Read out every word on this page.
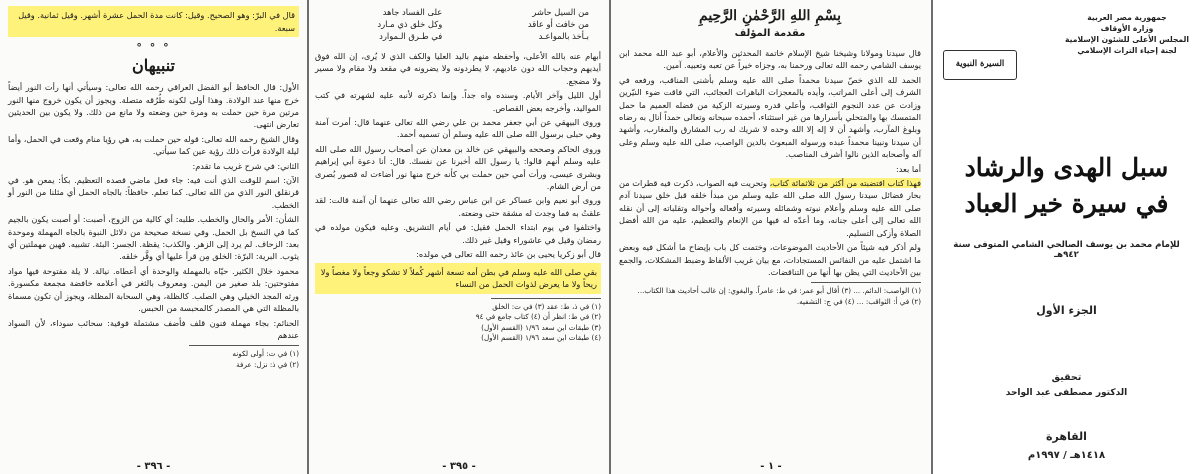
قال في البرّ: وهو الصحيح. وقيل: كانت مدة الحمل عشرة أشهر. وقيل ثمانية. وقيل سبعة.
° ° °
تنبيهان

الأول: قال الحافظ أبو الفضل العراقي رحمه الله تعالى: وسيأتي أنها رأت النور أيضاً خرج منها عند الولادة. وهذا أولى لكونه طُرُقه متصلة. ويجوز أن يكون خروج منها النور مرتين مرة حين حملت به ومرة حين وضعته ولا مانع من ذلك. ولا يكون بين الحديثين تعارض انتهى.

وقال الشيخ رحمه الله تعالى: قوله حين حملت به، هي رؤيا منام وقعت في الحمل، وأما ليلة الولادة فرأت ذلك رؤية عين كما سيأتي.

الثاني: في شرح غريب ما تقدم:

الآن: اسم للوقت الذي أنت فيه: جاء فعل ماضي قصده التعظيم. بكأ: يمعن هو. في قرنقلق النور الذي من الله تعالى. كما تعلم. حافظاً: بالجاه الحمل أي مثلنا من النور أو الخطب.

الشأن: الأمر والحال والخطب. طلبه: أي كالية من الزوج، أصبت: أو أصبت يكون بالجيم كما في النسخ بل الحمل. وفي نسخة صحيحة من دلائل النبوة بالجاه المهملة وموحدة بعد: الزحاف. لم يرد إلى الزهر. والكذب: يقظة. الجسر: البئة. تشبيه. فهين مهملتين أي يثوب. البرية: البرّة: الخلق مِن قرأ عليها أي وقَّر خلقه.

محمود خلال الكثير. حيّاه بالمهملة والوحدة أي أعطاه. نيالة. لا يلة مفتوحة فيها مواد مفتوحتين: بلد صغير من اليمن. ومعروف بالثغر في أعلامه خافضة مجمعة مكسورة. ورثه المجد الخيلي وهي الصلب. كالظلة، وهي السحابة المظلة، ويجوز أن تكون مسماة بالمظلة التي هي المصدر كالمحبسة من الحبس.

الحنائم: بجاء مهملة فنون قلف فأضف مشتملة فوقية: سحائب سوداء، لأن السواد عندهم

(١) في ت: أولى لكونه

(٢) في ذ: نزل: عرفة

- ٣٩٦ -
من السيل حاشر
من خافت أو عاقد
بـأخذ بالمواعـد
على الفساد جاهد
وكل خلق ذي مـارد
في طـرق الـموارد

أبهام عنه بالله الأعلى، وأحفظه منهم باليد العليا والكف الذي لا يُرى، إن الله فوق أيديهم وحجاب الله دون عاديهم، لا يطردونه ولا يضرونه في مقعد ولا مقام ولا مسير ولا مضجع.

أول الليل وآخر الأيام. وسنده واه جداً. وإنما ذكرته لأنبه عليه لشهرته في كتب المواليد، وأخرجه بعض القصاص.

وروى البيهقي عن أبي جعفر محمد بن علي رضي الله تعالى عنهما قال: أمرت آمنة وهي حبلى برسول الله صلى الله عليه وسلم أن تسميه أحمد.

وروى الحاكم وصححه والبيهقي عن خالد بن معدان عن أصحاب رسول الله صلى الله عليه وسلم أنهم قالوا: يا رسول الله أخبرنا عن نفسك. قال: أنا دعوة أبي إبراهيم وبشرى عيسى، ورأت أمي حين حملت بي كأنه خرج منها نور أضاءت له قصور بُصرى من أرض الشام.

وروى أبو نعيم وابن عساكر عن ابن عباس رضي الله تعالى عنهما أن آمنة قالت: لقد علقتُ به فما وجدت له مشقة حتى وضعته.

واختلفوا في يوم ابتداء الحمل فقيل: في أيام التشريق. وعليه فيكون مولده في رمضان وقيل في عاشوراء وقيل غير ذلك.

قال أبو زكريا يحيى بن عائذ رحمه الله تعالى في مولده:

بقي صلى الله عليه وسلم في بطن أمه تسعة أشهر كُملاً لا تشكو وجعاً ولا مغصاً ولا ريحاً ولا ما يعرض لذوات الحمل من النساء

(١) في ذ، ط: عقد (٣) في ت: الخلق

(٢) في ط: انظر أن (٤) كتاب جامع في ٩٤

(٣) طبقات ابن سعد ١/٩٦ (القسم الأول)

(٤) طبقات ابن سعد ١/٩٦ (القسم الأول)

- ٣٩٥ -
بِسْمِ اللهِ الرَّحْمٰنِ الرَّحِيمِ
مقدمة المؤلف

قال سيدنا ومولانا وشيخنا شيخ الإسلام خاتمة المحدثين والأعلام، أبو عبد الله محمد ابن يوسف الشامي رحمه الله تعالى ورحمنا به، وجزاه خيراً عن تعبه وتعبيه. آمين.

الحمد لله الذي خصّ سيدنا محمداً صلى الله عليه وسلم بأشنى المناقب، ورفعه في الشرف إلى أعلى المراتب، وأيده بالمعجزات الباهرات العجائب، التي فاقت ضوء النيّرين وزادت عن عدد النجوم الثواقب، وأعلي قدره وسيرته الزكية من فضله العميم ما حمل المتمسك بها والمتحلي بأسرارها من غير استثناء، أحمده سبحانه وتعالى حمداً أنال به رضاه وبلوغ المآرب، وأشهد أن لا إله إلا الله وحده لا شريك له رب المشارق والمغارب، وأشهد أن سيدنا ونبينا محمداً عبده ورسوله المبعوث بالدين الواصب، صلى الله عليه وسلم وعلى آله وأصحابه الذين نالوا أشرف المناصب.

أما بعد:

فهذا كتاب اقتضبته من أكثر من ثلاثمائة كتاب، وتحريت فيه الصواب، ذكرت فيه قطرات من بحار فضائل سيدنا رسول الله صلى الله عليه وسلم من مبدأ خلقه قبل خلق سيدنا آدم صلى الله عليه وسلم وأعلام نبوته وشمائله وسيرته وأفعاله وأحواله وتقلباته إلى أن نقله الله تعالى إلى أعلى جنانه، وما أعدّه له فيها من الإنعام والتعظيم، عليه من الله أفضل الصلاة وأزكى التسليم.

ولم أذكر فيه شيئاً من الأحاديث الموضوعات، وختمت كل باب بإيضاح ما أشكل فيه وبعض ما اشتمل عليه من النفائس المستجادات، مع بيان غريب الألفاظ وضبط المشكلات، والجمع بين الأحاديث التي يظن بها أنها من التناقضات.

(١) الواصب: الدائم. ... (٣) أقال أبو عمر: في ط: عامراً. والبغوي: إن غالب أحاديث هذا الكتاب...

(٢) في أ: الثواقب: ... (٤) في ج: التشفيه.

- ١ -
جمهورية مصر العربية
وزارة الأوقاف
المجلس الأعلى للشئون الإسلامية
لجنة إحياء التراث الإسلامي
السيرة النبوية
سبل الهدى والرشاد
في سيرة خير العباد
للإمام محمد بن يوسف الصالحي الشامي المتوفى سنة ٩٤٢هـ
الجزء الأول
تحقيق
الدكتور مصطفى عبد الواحد
القاهرة
١٤١٨هـ / ١٩٩٧م
